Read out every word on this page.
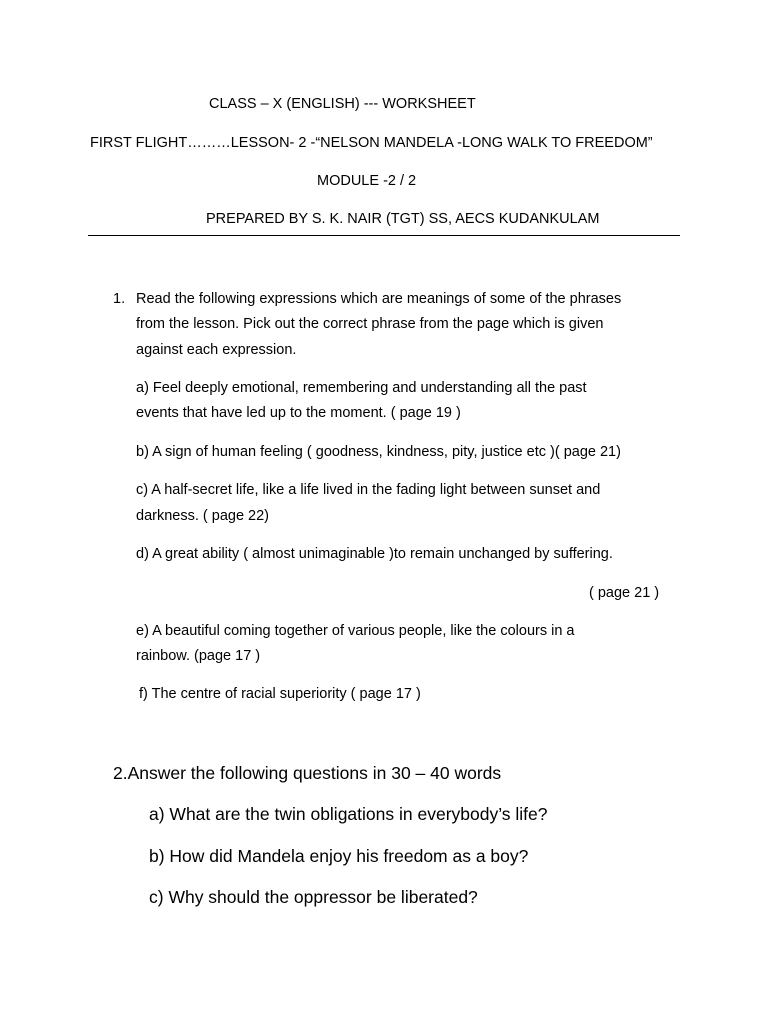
CLASS – X (ENGLISH) --- WORKSHEET
FIRST FLIGHT………LESSON- 2 -“NELSON MANDELA -LONG WALK TO FREEDOM”
MODULE -2 / 2
PREPARED BY S. K. NAIR (TGT) SS, AECS KUDANKULAM
1. Read the following expressions which are meanings of some of the phrases
from the lesson. Pick out the correct phrase from the page which is given
against each expression.
a) Feel deeply emotional, remembering and understanding all the past
events that have led up to the moment. ( page 19 )
b) A sign of human feeling ( goodness, kindness, pity, justice etc )( page 21)
c) A half-secret life, like a life lived in the fading light between sunset and
darkness. ( page 22)
d) A great ability ( almost unimaginable )to remain unchanged by suffering.
( page 21 )
e) A beautiful coming together of various people, like the colours in a
rainbow. (page 17 )
f) The centre of racial superiority ( page 17 )
2.Answer the following questions in 30 – 40 words
a) What are the twin obligations in everybody’s life?
b) How did Mandela enjoy his freedom as a boy?
c) Why should the oppressor be liberated?
